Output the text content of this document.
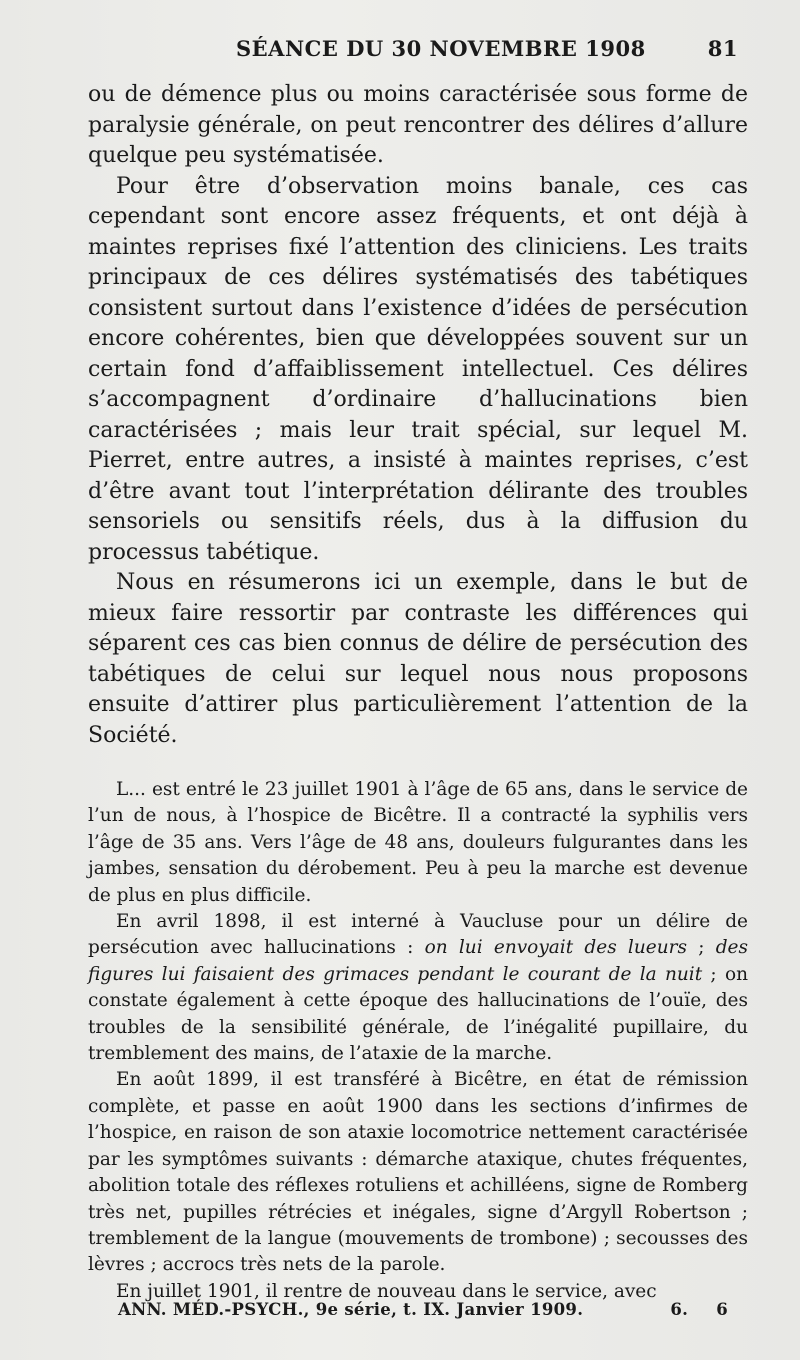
SÉANCE DU 30 NOVEMBRE 1908	81

ou de démence plus ou moins caractérisée sous forme de paralysie générale, on peut rencontrer des délires d’allure quelque peu systématisée.

Pour être d’observation moins banale, ces cas cependant sont encore assez fréquents, et ont déjà à maintes reprises fixé l’attention des cliniciens. Les traits principaux de ces délires systématisés des tabétiques consistent surtout dans l’existence d’idées de persécution encore cohérentes, bien que développées souvent sur un certain fond d’affaiblissement intellectuel. Ces délires s’accompagnent d’ordinaire d’hallucinations bien caractérisées ; mais leur trait spécial, sur lequel M. Pierret, entre autres, a insisté à maintes reprises, c’est d’être avant tout l’interprétation délirante des troubles sensoriels ou sensitifs réels, dus à la diffusion du processus tabétique.

Nous en résumerons ici un exemple, dans le but de mieux faire ressortir par contraste les différences qui séparent ces cas bien connus de délire de persécution des tabétiques de celui sur lequel nous nous proposons ensuite d’attirer plus particulièrement l’attention de la Société.

L... est entré le 23 juillet 1901 à l’âge de 65 ans, dans le service de l’un de nous, à l’hospice de Bicêtre. Il a contracté la syphilis vers l’âge de 35 ans. Vers l’âge de 48 ans, douleurs fulgurantes dans les jambes, sensation du dérobement. Peu à peu la marche est devenue de plus en plus difficile.

En avril 1898, il est interné à Vaucluse pour un délire de persécution avec hallucinations : on lui envoyait des lueurs ; des figures lui faisaient des grimaces pendant le courant de la nuit ; on constate également à cette époque des hallucinations de l’ouïe, des troubles de la sensibilité générale, de l’inégalité pupillaire, du tremblement des mains, de l’ataxie de la marche.

En août 1899, il est transféré à Bicêtre, en état de rémission complète, et passe en août 1900 dans les sections d’infirmes de l’hospice, en raison de son ataxie locomotrice nettement caractérisée par les symptômes suivants : démarche ataxique, chutes fréquentes, abolition totale des réflexes rotuliens et achilléens, signe de Romberg très net, pupilles rétrécies et inégales, signe d’Argyll Robertson ; tremblement de la langue (mouvements de trombone) ; secousses des lèvres ; accrocs très nets de la parole.

En juillet 1901, il rentre de nouveau dans le service, avec

ANN. MÉD.-PSYCH., 9e série, t. IX. Janvier 1909.	6. 6
